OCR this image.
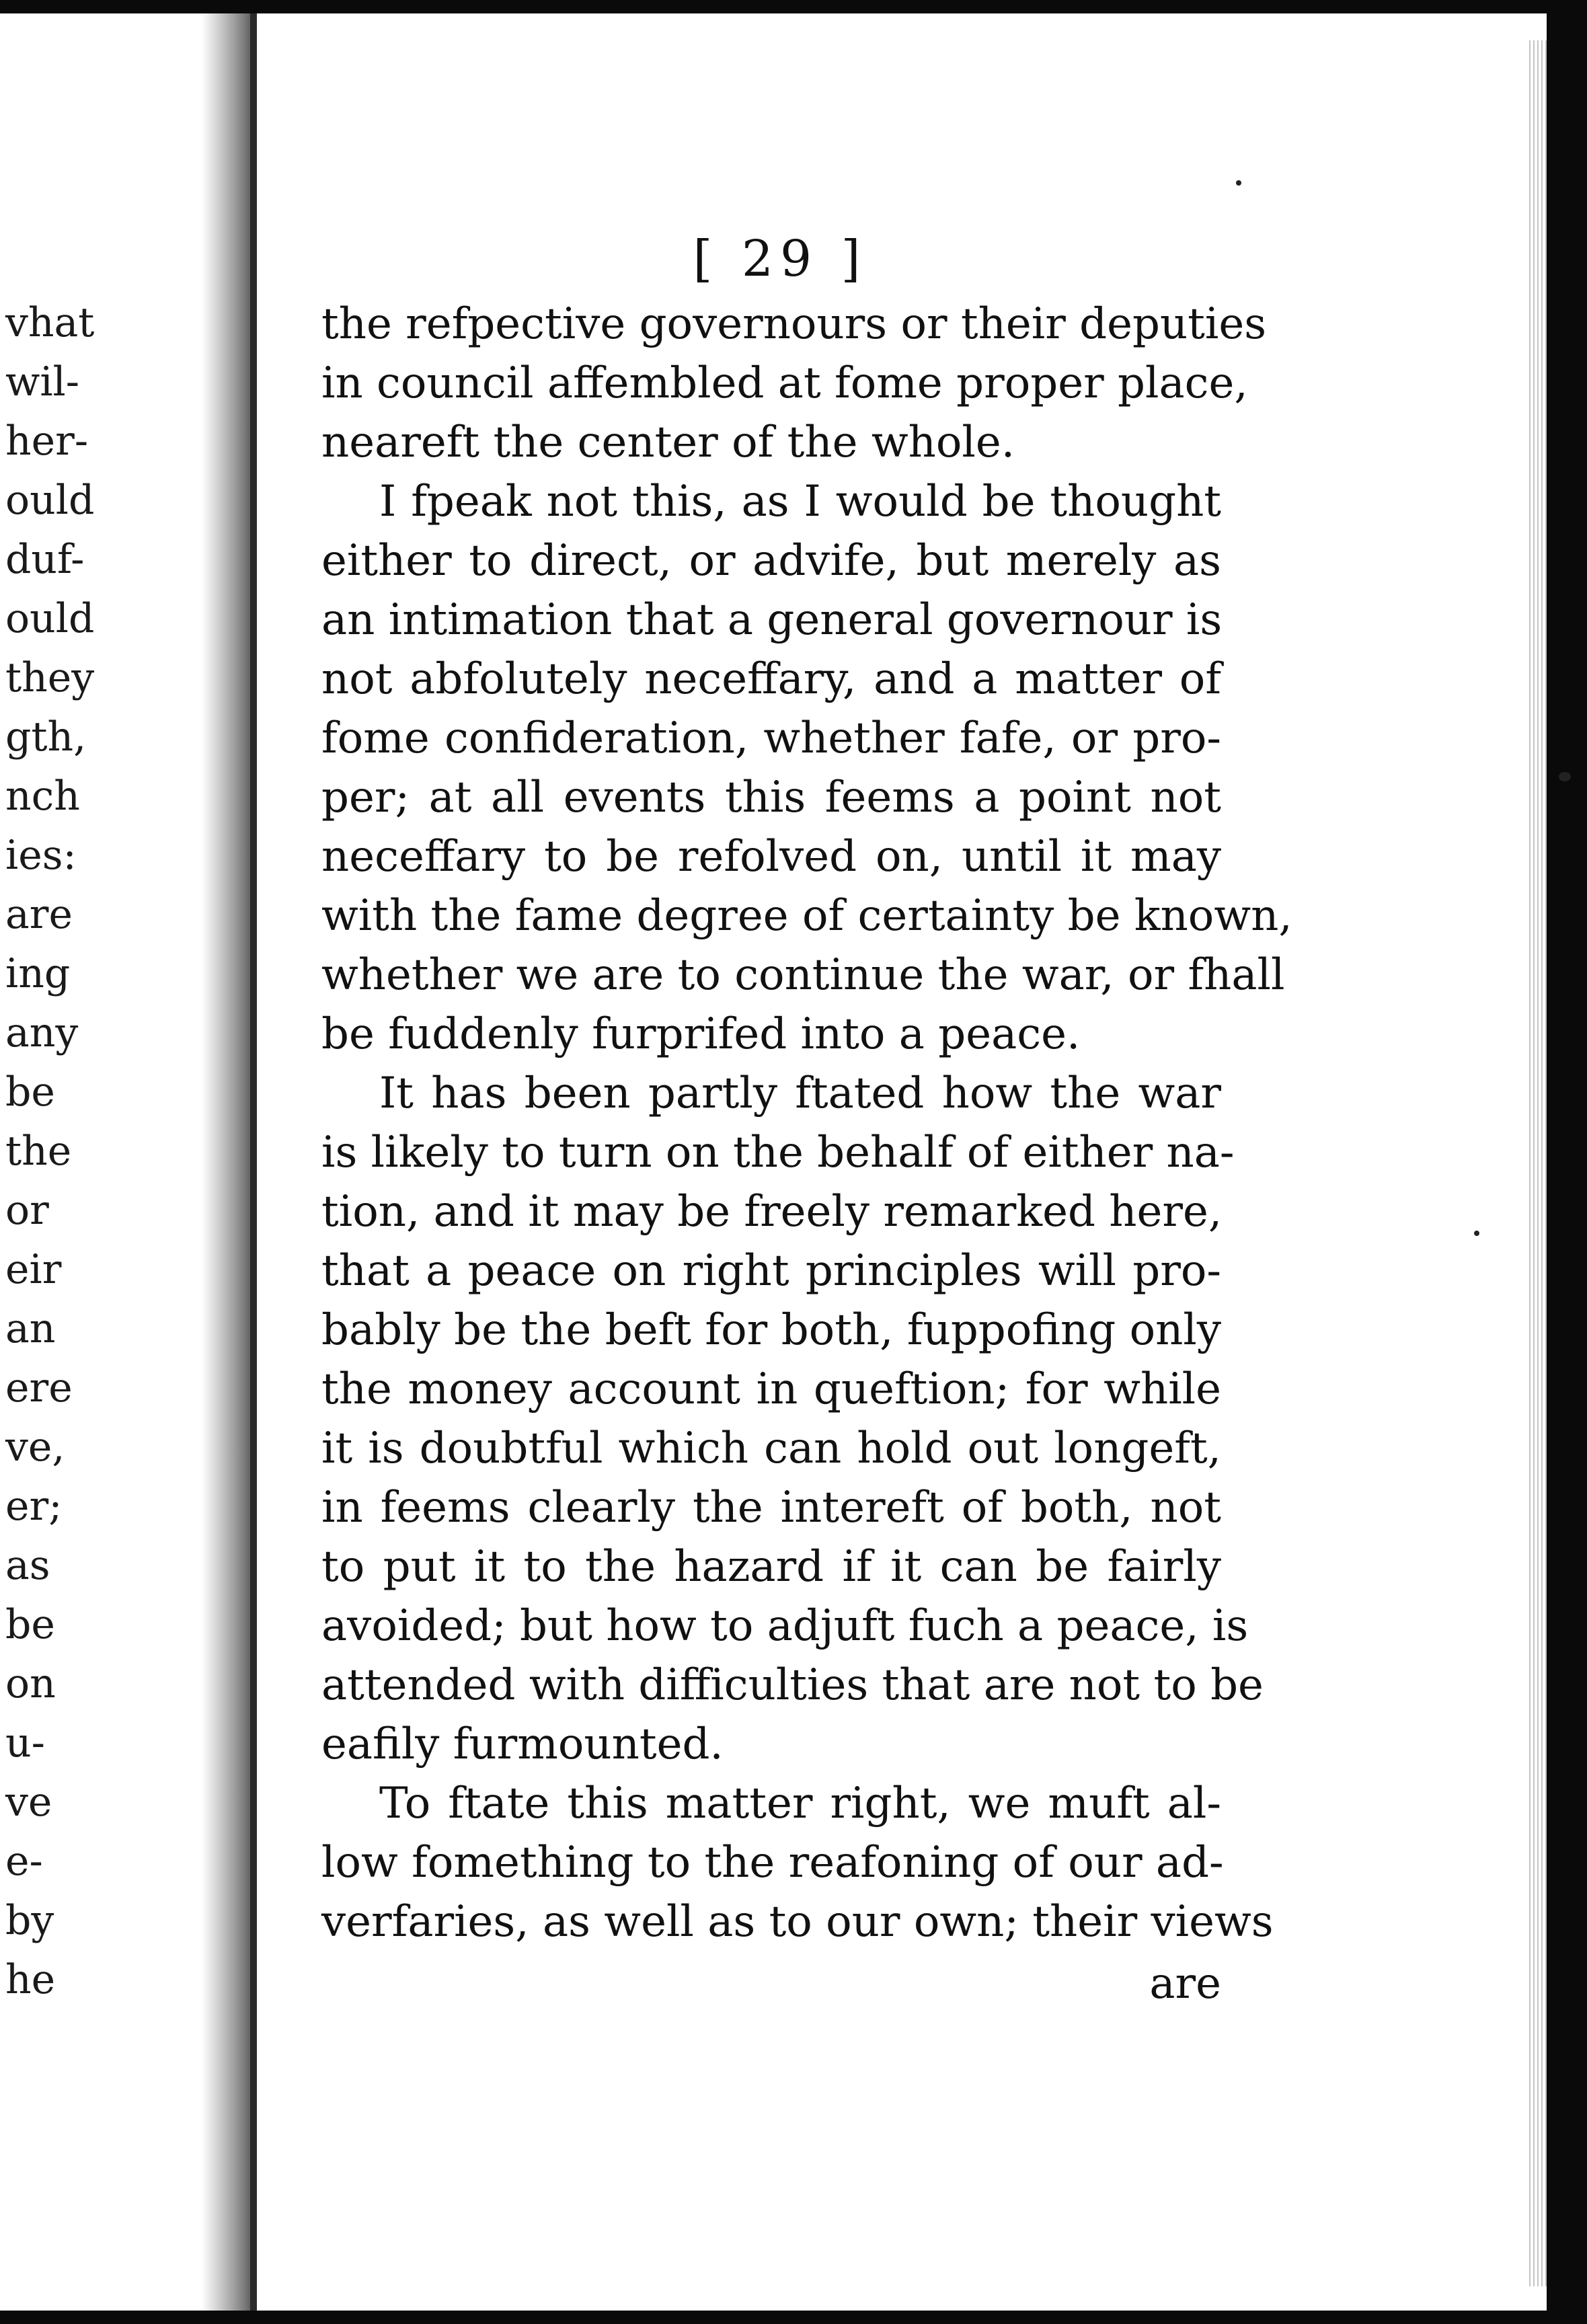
vhat
wil-
her-
ould
duf-
ould
they
gth,
nch
ies:
are
ing
any
be
the
or
eir
an
ere
ve,
er;
as
be
on
u-
ve
e-
by
he
[ 29 ]
the refpective governours or their deputies
in council affembled at fome proper place,
neareft the center of the whole.
I fpeak not this, as I would be thought
either to direct, or advife, but merely as
an intimation that a general governour is
not abfolutely neceffary, and a matter of
fome confideration, whether fafe, or pro-
per; at all events this feems a point not
neceffary to be refolved on, until it may
with the fame degree of certainty be known,
whether we are to continue the war, or fhall
be fuddenly furprifed into a peace.
It has been partly ftated how the war
is likely to turn on the behalf of either na-
tion, and it may be freely remarked here,
that a peace on right principles will pro-
bably be the beft for both, fuppofing only
the money account in queftion; for while
it is doubtful which can hold out longeft,
in feems clearly the intereft of both, not
to put it to the hazard if it can be fairly
avoided; but how to adjuft fuch a peace, is
attended with difficulties that are not to be
eafily furmounted.
To ftate this matter right, we muft al-
low fomething to the reafoning of our ad-
verfaries, as well as to our own; their views
are
